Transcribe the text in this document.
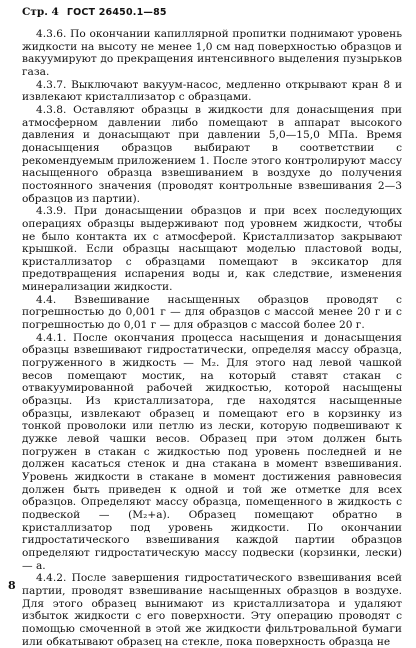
Стр. 4 ГОСТ 26450.1—85

4.3.6. По окончании капиллярной пропитки поднимают уровень жидкости на высоту не менее 1,0 см над поверхностью образцов и вакуумируют до прекращения интенсивного выделения пузырьков газа.

4.3.7. Выключают вакуум-насос, медленно открывают кран 8 и извлекают кристаллизатор с образцами.

4.3.8. Оставляют образцы в жидкости для донасыщения при атмосферном давлении либо помещают в аппарат высокого давления и донасыщают при давлении 5,0—15,0 МПа. Время донасыщения образцов выбирают в соответствии с рекомендуемым приложением 1. После этого контролируют массу насыщенного образца взвешиванием в воздухе до получения постоянного значения (проводят контрольные взвешивания 2—3 образцов из партии).

4.3.9. При донасыщении образцов и при всех последующих операциях образцы выдерживают под уровнем жидкости, чтобы не было контакта их с атмосферой. Кристаллизатор закрывают крышкой. Если образцы насыщают моделью пластовой воды, кристаллизатор с образцами помещают в эксикатор для предотвращения испарения воды и, как следствие, изменения минерализации жидкости.

4.4. Взвешивание насыщенных образцов проводят с погрешностью до 0,001 г — для образцов с массой менее 20 г и с погрешностью до 0,01 г — для образцов с массой более 20 г.

4.4.1. После окончания процесса насыщения и донасыщения образцы взвешивают гидростатически, определяя массу образца, погруженного в жидкость — M₂. Для этого над левой чашкой весов помещают мостик, на который ставят стакан с отвакуумированной рабочей жидкостью, которой насыщены образцы. Из кристаллизатора, где находятся насыщенные образцы, извлекают образец и помещают его в корзинку из тонкой проволоки или петлю из лески, которую подвешивают к дужке левой чашки весов. Образец при этом должен быть погружен в стакан с жидкостью под уровень последней и не должен касаться стенок и дна стакана в момент взвешивания. Уровень жидкости в стакане в момент достижения равновесия должен быть приведен к одной и той же отметке для всех образцов. Определяют массу образца, помещенного в жидкость с подвеской — (M₂+a). Образец помещают обратно в кристаллизатор под уровень жидкости. По окончании гидростатического взвешивания каждой партии образцов определяют гидростатическую массу подвески (корзинки, лески) — a.

4.4.2. После завершения гидростатического взвешивания всей партии, проводят взвешивание насыщенных образцов в воздухе. Для этого образец вынимают из кристаллизатора и удаляют избыток жидкости с его поверхности. Эту операцию проводят с помощью смоченной в этой же жидкости фильтровальной бумаги или обкатывают образец на стекле, пока поверхность образца не

8
